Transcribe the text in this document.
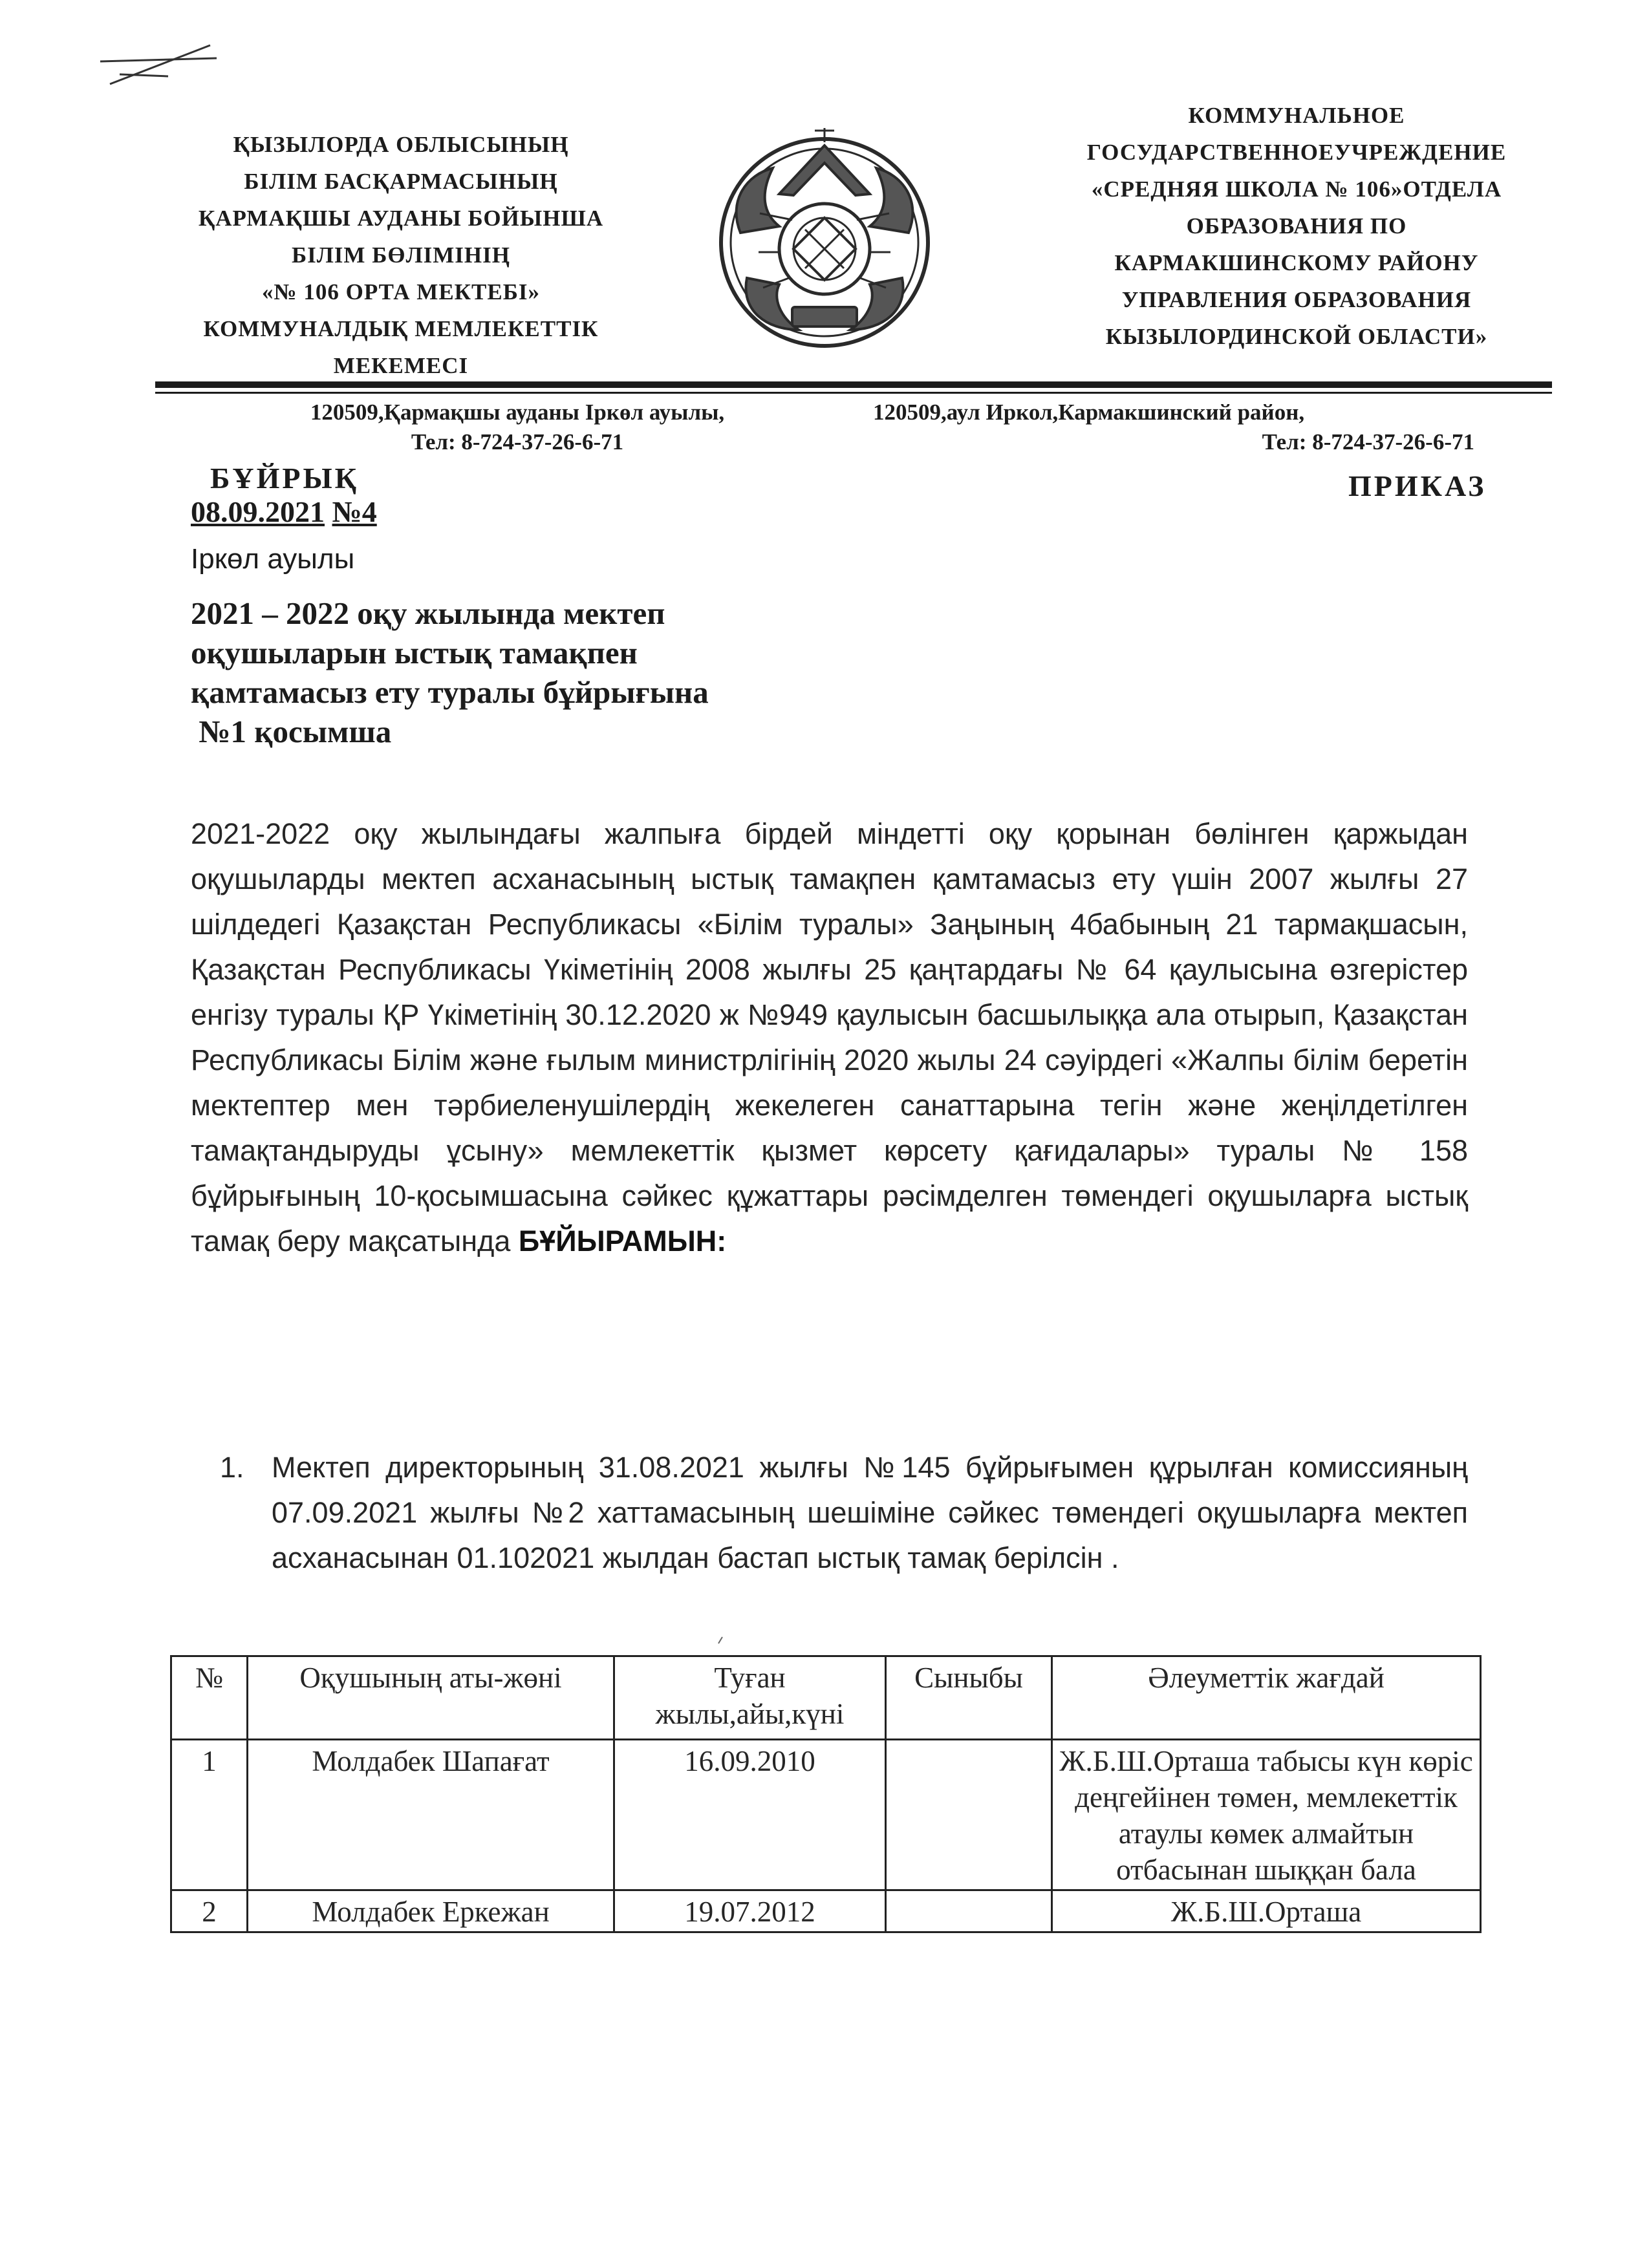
ҚЫЗЫЛОРДА ОБЛЫСЫНЫҢ
БІЛІМ БАСҚАРМАСЫНЫҢ
ҚАРМАҚШЫ АУДАНЫ БОЙЫНША
БІЛІМ БӨЛІМІНІҢ
«№ 106 ОРТА МЕКТЕБІ»
КОММУНАЛДЫҚ МЕМЛЕКЕТТІК
МЕКЕМЕСІ
КОММУНАЛЬНОЕ
ГОСУДАРСТВЕННОЕУЧРЕЖДЕНИЕ
«СРЕДНЯЯ ШКОЛА № 106»ОТДЕЛА
ОБРАЗОВАНИЯ ПО
КАРМАКШИНСКОМУ РАЙОНУ
УПРАВЛЕНИЯ ОБРАЗОВАНИЯ
КЫЗЫЛОРДИНСКОЙ ОБЛАСТИ»
120509,Қармақшы ауданы Іркөл ауылы,
Тел: 8-724-37-26-6-71
120509,аул Иркол,Кармакшинский район,
Тел: 8-724-37-26-6-71
БҰЙРЫҚ	ПРИКАЗ
08.09.2021 №4
Іркөл ауылы
2021 – 2022 оқу жылында мектеп
оқушыларын ыстық тамақпен
қамтамасыз ету туралы бұйрығына
№1 қосымша
2021-2022 оқу жылындағы жалпыға бірдей міндетті оқу қорынан бөлінген қаржыдан оқушыларды мектеп асханасының ыстық тамақпен қамтамасыз ету үшін 2007 жылғы 27 шілдедегі Қазақстан Республикасы «Білім туралы» Заңының 4бабының 21 тармақшасын, Қазақстан Республикасы Үкіметінің 2008 жылғы 25 қаңтардағы № 64 қаулысына өзгерістер енгізу туралы ҚР Үкіметінің 30.12.2020 ж №949 қаулысын басшылыққа ала отырып, Қазақстан Республикасы Білім және ғылым министрлігінің 2020 жылы 24 сәуірдегі «Жалпы білім беретін мектептер мен тәрбиеленушілердің жекелеген санаттарына тегін және жеңілдетілген тамақтандыруды ұсыну» мемлекеттік қызмет көрсету қағидалары» туралы № 158 бұйрығының 10-қосымшасына сәйкес құжаттары рәсімделген төмендегі оқушыларға ыстық тамақ беру мақсатында БҰЙЫРАМЫН:
1. Мектеп директорының 31.08.2021 жылғы №145 бұйрығымен құрылған комиссияның 07.09.2021 жылғы №2 хаттамасының шешіміне сәйкес төмендегі оқушыларға мектеп асханасынан 01.102021 жылдан бастап ыстық тамақ берілсін .
№	Оқушының аты-жөні	Туған жылы,айы,күні	Сыныбы	Әлеуметтік жағдай
1	Молдабек Шапағат	16.09.2010		Ж.Б.Ш.Орташа табысы күн көріс деңгейінен төмен, мемлекеттік атаулы көмек алмайтын отбасынан шыққан бала
2	Молдабек Еркежан	19.07.2012		Ж.Б.Ш.Орташа
